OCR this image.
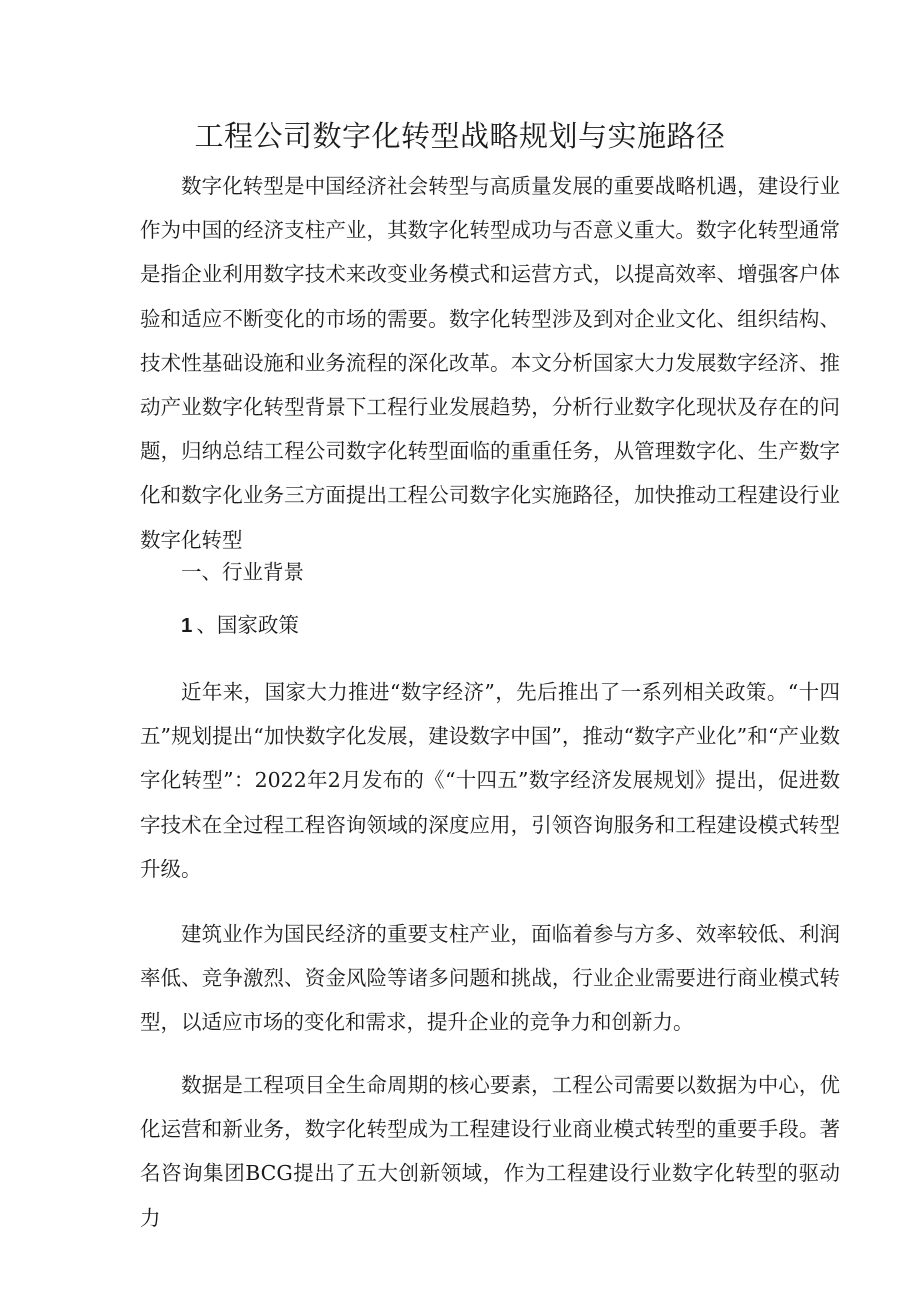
工程公司数字化转型战略规划与实施路径

数字化转型是中国经济社会转型与高质量发展的重要战略机遇，建设行业作为中国的经济支柱产业，其数字化转型成功与否意义重大。数字化转型通常是指企业利用数字技术来改变业务模式和运营方式，以提高效率、增强客户体验和适应不断变化的市场的需要。数字化转型涉及到对企业文化、组织结构、技术性基础设施和业务流程的深化改革。本文分析国家大力发展数字经济、推动产业数字化转型背景下工程行业发展趋势，分析行业数字化现状及存在的问题，归纳总结工程公司数字化转型面临的重重任务，从管理数字化、生产数字化和数字化业务三方面提出工程公司数字化实施路径，加快推动工程建设行业数字化转型

一、行业背景
1 、国家政策

近年来，国家大力推进“数字经济”，先后推出了一系列相关政策。“十四五”规划提出“加快数字化发展，建设数字中国”，推动“数字产业化”和“产业数字化转型”：2022年2月发布的《“十四五”数字经济发展规划》提出，促进数字技术在全过程工程咨询领域的深度应用，引领咨询服务和工程建设模式转型升级。

建筑业作为国民经济的重要支柱产业，面临着参与方多、效率较低、利润率低、竞争激烈、资金风险等诸多问题和挑战，行业企业需要进行商业模式转型，以适应市场的变化和需求，提升企业的竞争力和创新力。

数据是工程项目全生命周期的核心要素，工程公司需要以数据为中心，优化运营和新业务，数字化转型成为工程建设行业商业模式转型的重要手段。著名咨询集团BCG提出了五大创新领域，作为工程建设行业数字化转型的驱动力
